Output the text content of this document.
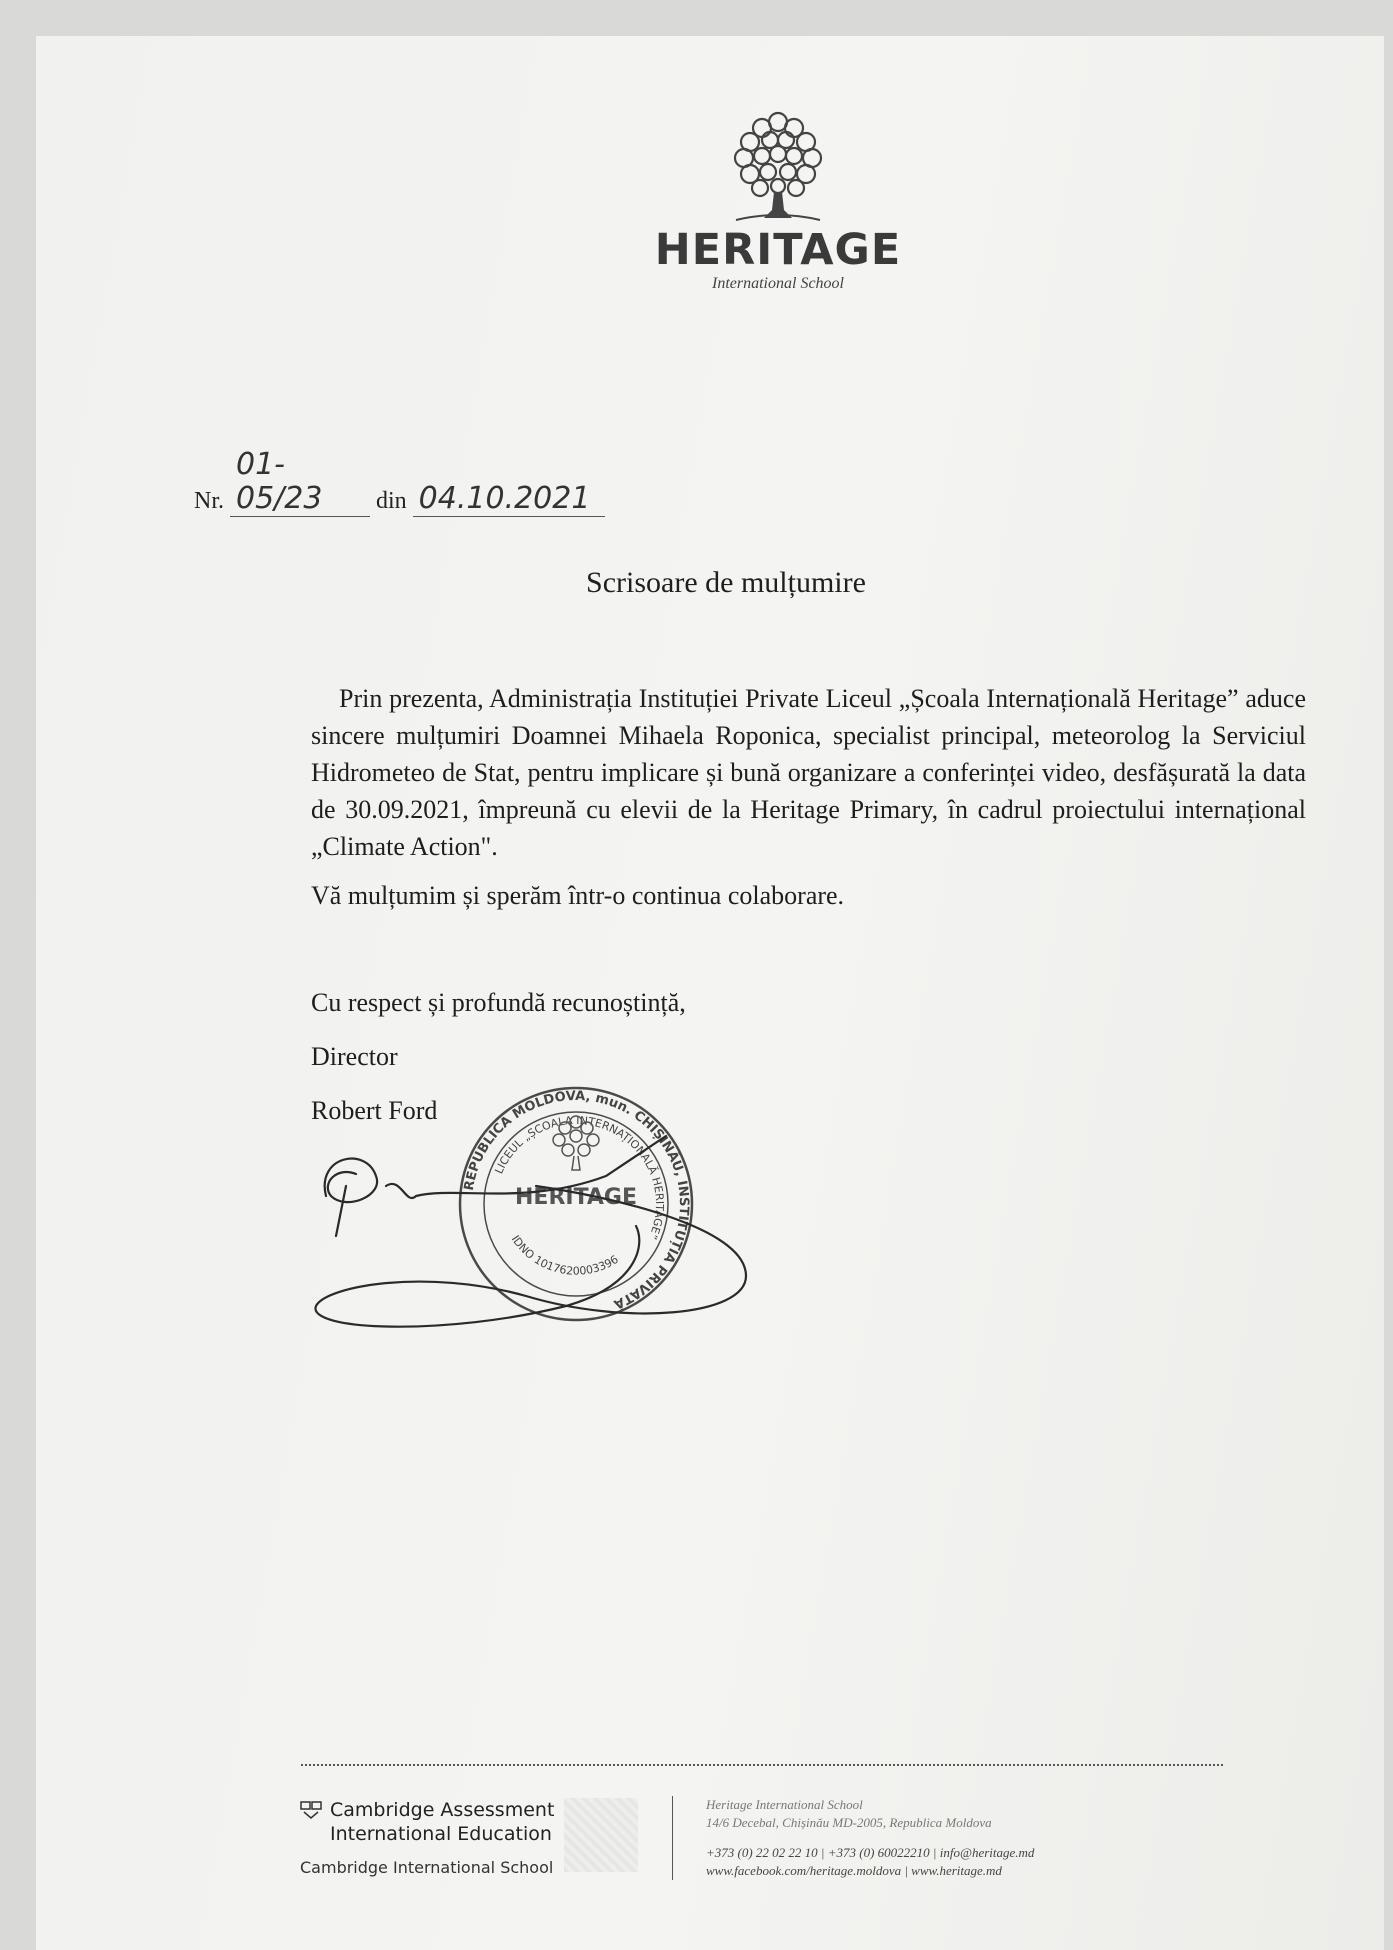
HERITAGE
International School
Nr. 01-05/23 din 04.10.2021
Scrisoare de mulțumire

Prin prezenta, Administrația Instituției Private Liceul „Școala Internațională Heritage” aduce sincere mulțumiri Doamnei Mihaela Roponica, specialist principal, meteorolog la Serviciul Hidrometeo de Stat, pentru implicare și bună organizare a conferinței video, desfășurată la data de 30.09.2021, împreună cu elevii de la Heritage Primary, în cadrul proiectului internațional „Climate Action".

Vă mulțumim și sperăm într-o continua colaborare.

Cu respect și profundă recunoștință,
Director
Robert Ford
REPUBLICA MOLDOVA, mun. CHIȘINĂU, INSTITUȚIA PRIVATĂ
LICEUL „ȘCOALA INTERNAȚIONALĂ HERITAGE”
HERITAGE
IDNO 1017620003396
Cambridge Assessment
International Education
Cambridge International School
Heritage International School
14/6 Decebal, Chișinău MD-2005, Republica Moldova
+373 (0) 22 02 22 10 | +373 (0) 60022210 | info@heritage.md
www.facebook.com/heritage.moldova | www.heritage.md
